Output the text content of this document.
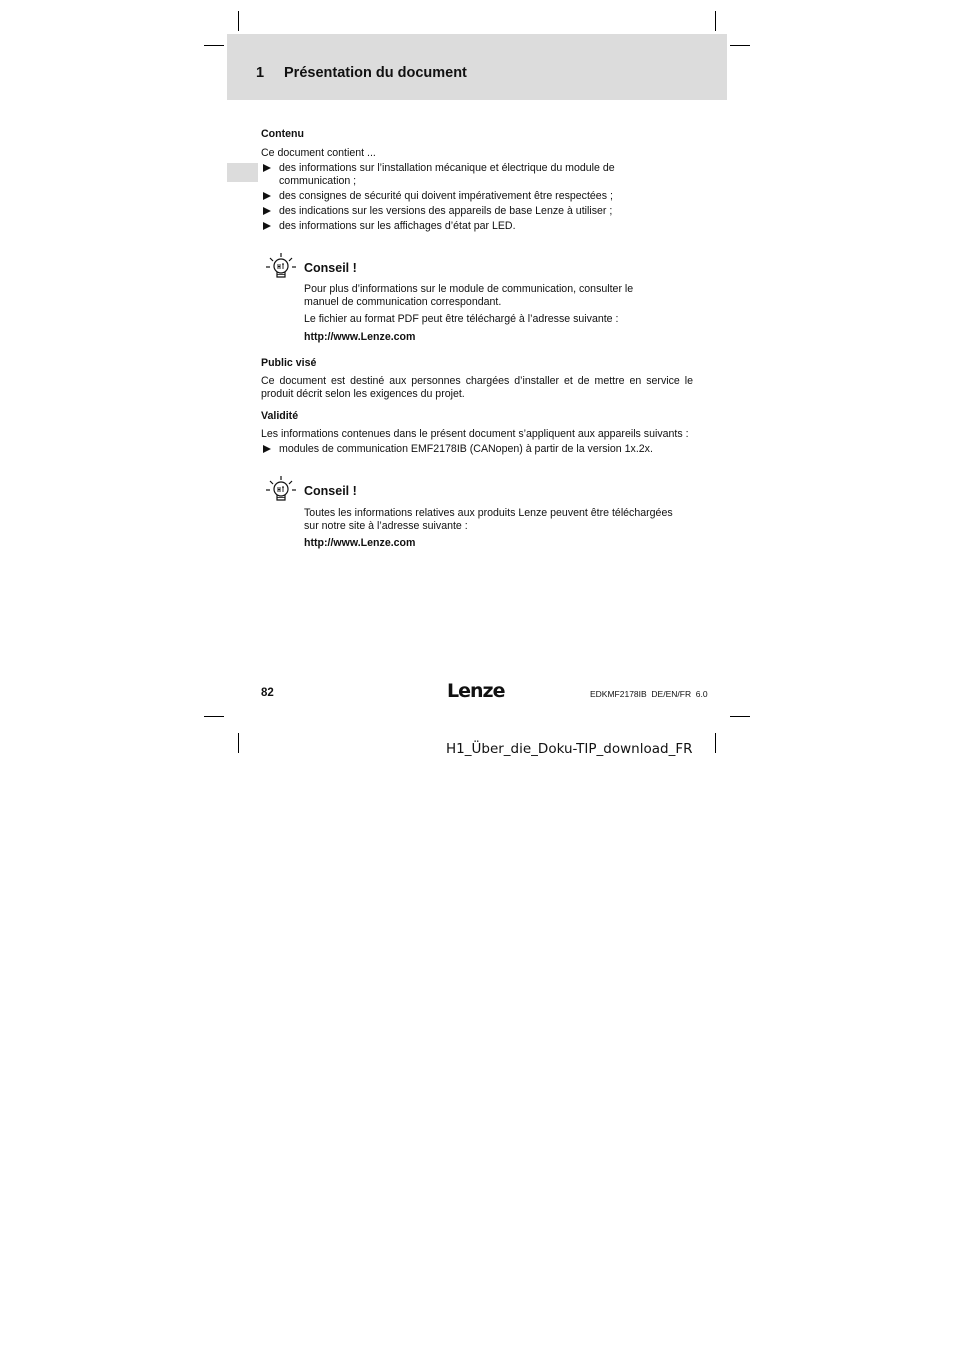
1 Présentation du document
Contenu
Ce document contient ...
des informations sur l’installation mécanique et électrique du module de
communication ;
des consignes de sécurité qui doivent impérativement être respectées ;
des indications sur les versions des appareils de base Lenze à utiliser ;
des informations sur les affichages d’état par LED.
Conseil !
Pour plus d’informations sur le module de communication, consulter le
manuel de communication correspondant.
Le fichier au format PDF peut être téléchargé à l’adresse suivante :
http://www.Lenze.com
Public visé
Ce document est destiné aux personnes chargées d’installer et de mettre en service le produit décrit selon les exigences du projet.
Validité
Les informations contenues dans le présent document s’appliquent aux appareils suivants :
modules de communication EMF2178IB (CANopen) à partir de la version 1x.2x.
Conseil !
Toutes les informations relatives aux produits Lenze peuvent être téléchargées
sur notre site à l’adresse suivante :
http://www.Lenze.com
82	Lenze	EDKMF2178IB  DE/EN/FR  6.0
H1_Über_die_Doku-TIP_download_FR
